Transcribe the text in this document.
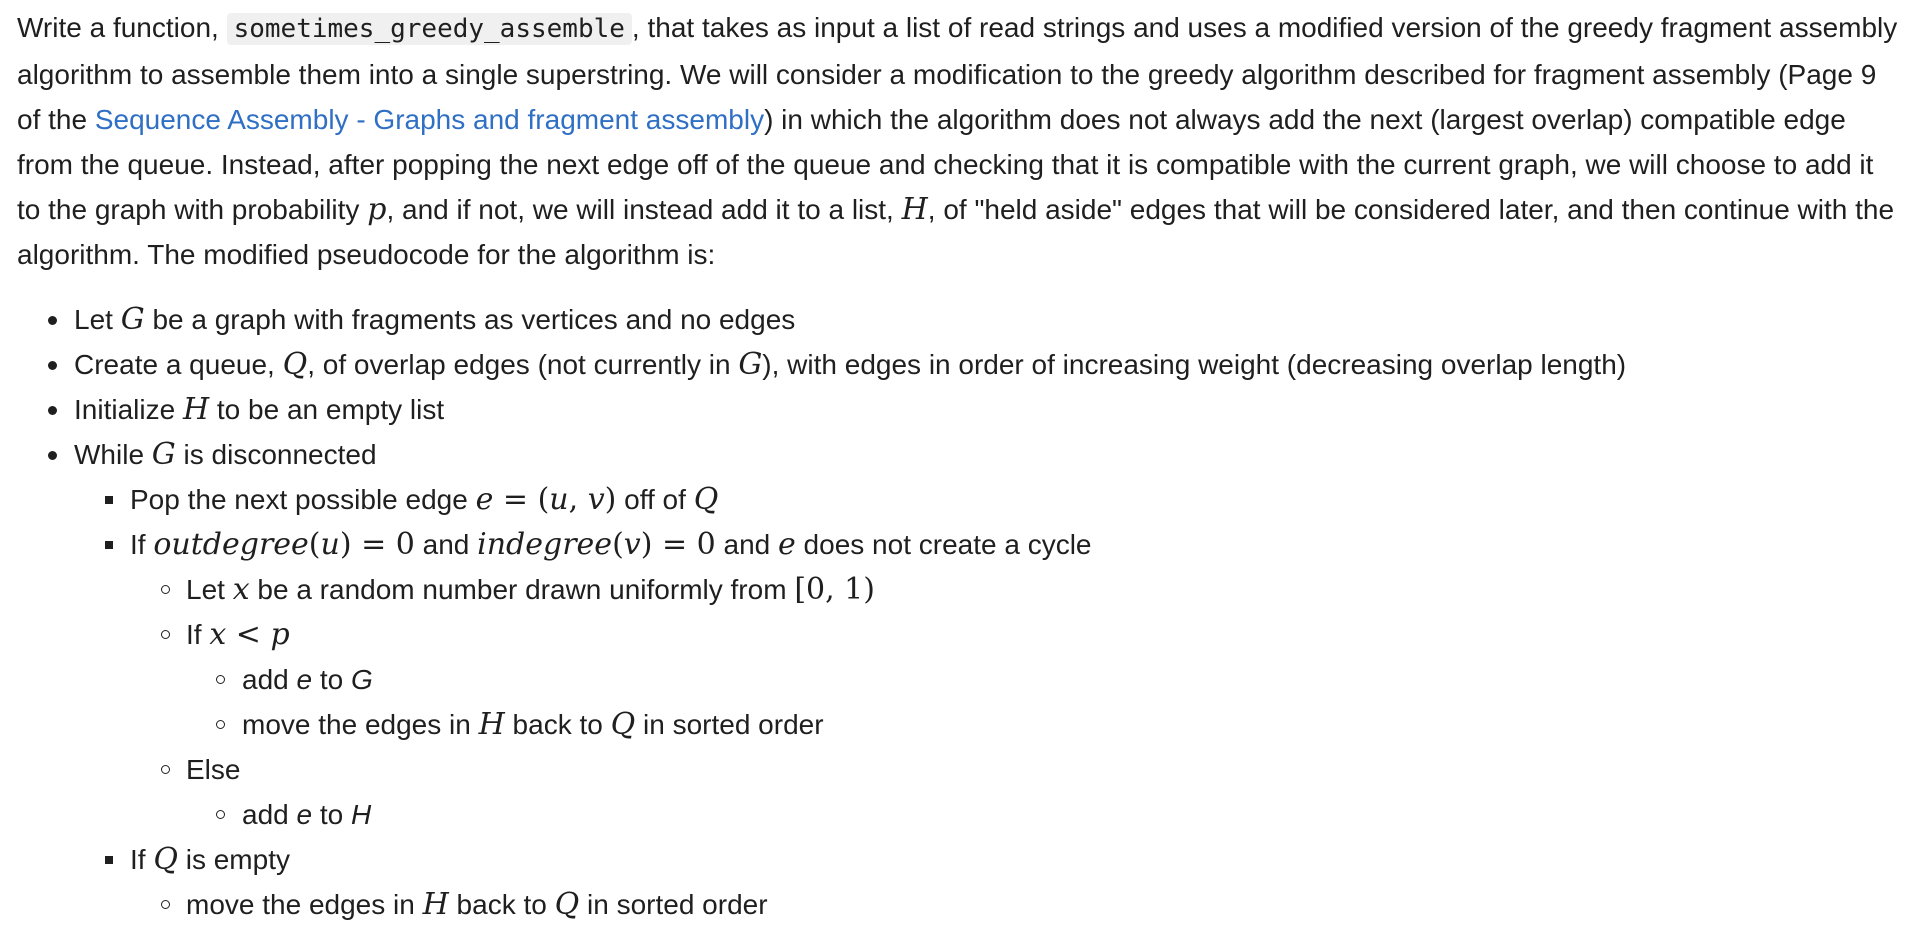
Write a function, sometimes_greedy_assemble , that takes as input a list of read strings and uses a modified version of the greedy fragment assembly algorithm to assemble them into a single superstring. We will consider a modification to the greedy algorithm described for fragment assembly (Page 9 of the Sequence Assembly - Graphs and fragment assembly) in which the algorithm does not always add the next (largest overlap) compatible edge from the queue. Instead, after popping the next edge off of the queue and checking that it is compatible with the current graph, we will choose to add it to the graph with probability p, and if not, we will instead add it to a list, H, of "held aside" edges that will be considered later, and then continue with the algorithm. The modified pseudocode for the algorithm is:

Let G be a graph with fragments as vertices and no edges
Create a queue, Q, of overlap edges (not currently in G), with edges in order of increasing weight (decreasing overlap length)
Initialize H to be an empty list
While G is disconnected
Pop the next possible edge e = (u, v) off of Q
If outdegree(u) = 0 and indegree(v) = 0 and e does not create a cycle
Let x be a random number drawn uniformly from [0, 1)
If x < p
add e to G
move the edges in H back to Q in sorted order
Else
add e to H
If Q is empty
move the edges in H back to Q in sorted order
